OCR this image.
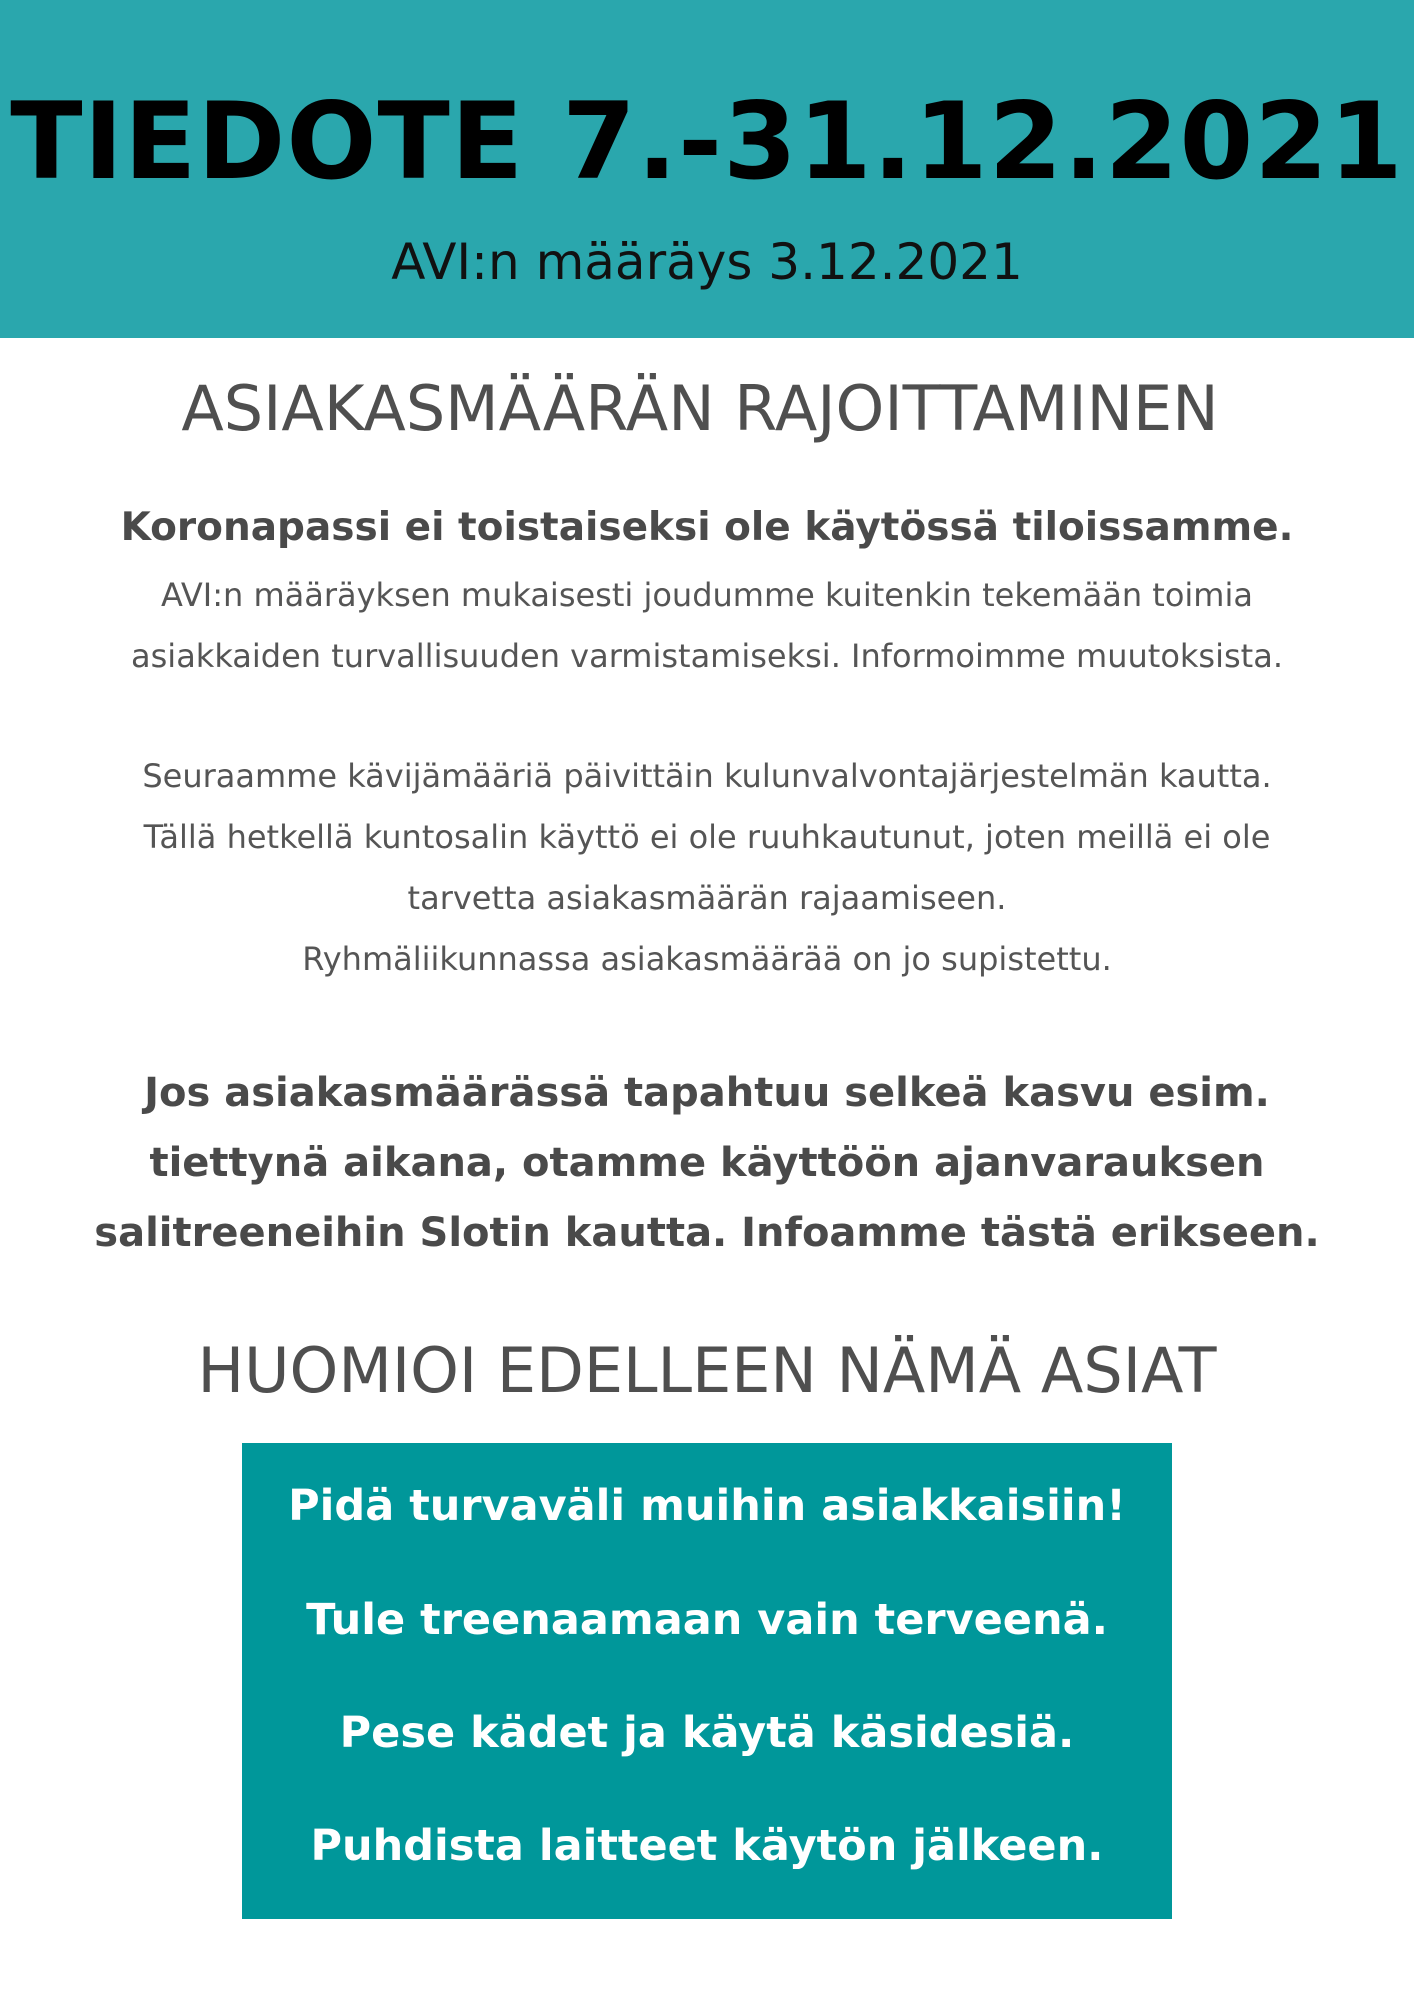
TIEDOTE 7.-31.12.2021
AVI:n määräys 3.12.2021
ASIAKASMÄÄRÄN RAJOITTAMINEN
Koronapassi ei toistaiseksi ole käytössä tiloissamme.

AVI:n määräyksen mukaisesti joudumme kuitenkin tekemään toimia
asiakkaiden turvallisuuden varmistamiseksi. Informoimme muutoksista.

Seuraamme kävijämääriä päivittäin kulunvalvontajärjestelmän kautta.
Tällä hetkellä kuntosalin käyttö ei ole ruuhkautunut, joten meillä ei ole
tarvetta asiakasmäärän rajaamiseen.
Ryhmäliikunnassa asiakasmäärää on jo supistettu.

Jos asiakasmäärässä tapahtuu selkeä kasvu esim.
tiettynä aikana, otamme käyttöön ajanvarauksen
salitreeneihin Slotin kautta. Infoamme tästä erikseen.

HUOMIOI EDELLEEN NÄMÄ ASIAT
Pidä turvaväli muihin asiakkaisiin!
Tule treenaamaan vain terveenä.
Pese kädet ja käytä käsidesiä.
Puhdista laitteet käytön jälkeen.
